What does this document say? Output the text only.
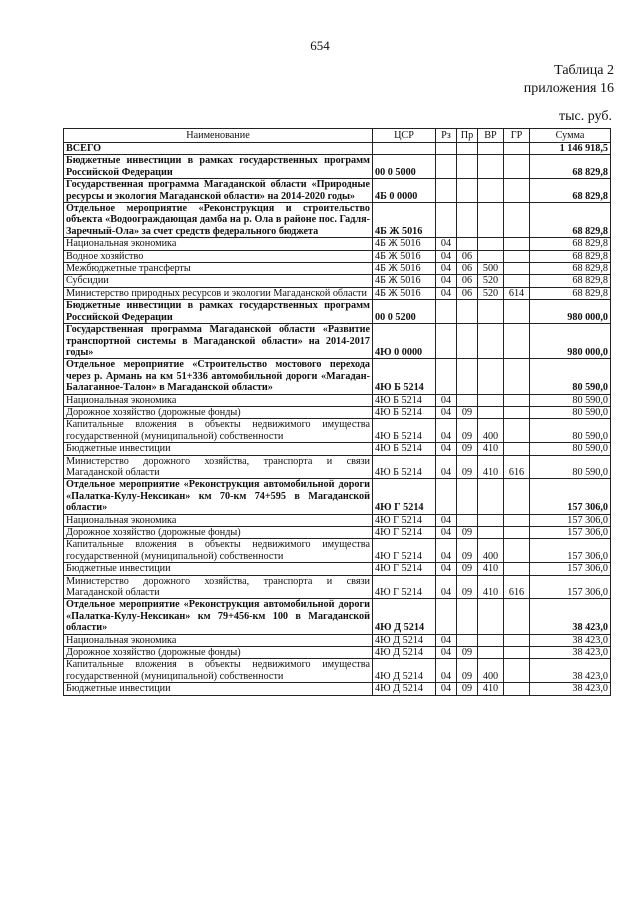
654
Таблица 2
приложения 16
тыс. руб.
Наименование	ЦСР	Рз	Пр	ВР	ГР	Сумма
ВСЕГО						1 146 918,5
Бюджетные инвестиции в рамках государственных программ Российской Федерации	00 0 5000					68 829,8
Государственная программа Магаданской области «Природные ресурсы и экология Магаданской области» на 2014-2020 годы»	4Б 0 0000					68 829,8
Отдельное мероприятие «Реконструкция и строительство объекта «Водоограждающая дамба на р. Ола в районе пос. Гадля-Заречный-Ола» за счет средств федерального бюджета	4Б Ж 5016					68 829,8
Национальная экономика	4Б Ж 5016	04				68 829,8
Водное хозяйство	4Б Ж 5016	04	06			68 829,8
Межбюджетные трансферты	4Б Ж 5016	04	06	500		68 829,8
Субсидии	4Б Ж 5016	04	06	520		68 829,8
Министерство природных ресурсов и экологии Магаданской области	4Б Ж 5016	04	06	520	614	68 829,8
Бюджетные инвестиции в рамках государственных программ Российской Федерации	00 0 5200					980 000,0
Государственная программа Магаданской области «Развитие транспортной системы в Магаданской области» на 2014-2017 годы»	4Ю 0 0000					980 000,0
Отдельное мероприятие «Строительство мостового перехода через р. Армань на км 51+336 автомобильной дороги «Магадан-Балаганное-Талон» в Магаданской области»	4Ю Б 5214					80 590,0
Национальная экономика	4Ю Б 5214	04				80 590,0
Дорожное хозяйство (дорожные фонды)	4Ю Б 5214	04	09			80 590,0
Капитальные вложения в объекты недвижимого имущества государственной (муниципальной) собственности	4Ю Б 5214	04	09	400		80 590,0
Бюджетные инвестиции	4Ю Б 5214	04	09	410		80 590,0
Министерство дорожного хозяйства, транспорта и связи Магаданской области	4Ю Б 5214	04	09	410	616	80 590,0
Отдельное мероприятие «Реконструкция автомобильной дороги «Палатка-Кулу-Нексикан» км 70-км 74+595 в Магаданской области»	4Ю Г 5214					157 306,0
Национальная экономика	4Ю Г 5214	04				157 306,0
Дорожное хозяйство (дорожные фонды)	4Ю Г 5214	04	09			157 306,0
Капитальные вложения в объекты недвижимого имущества государственной (муниципальной) собственности	4Ю Г 5214	04	09	400		157 306,0
Бюджетные инвестиции	4Ю Г 5214	04	09	410		157 306,0
Министерство дорожного хозяйства, транспорта и связи Магаданской области	4Ю Г 5214	04	09	410	616	157 306,0
Отдельное мероприятие «Реконструкция автомобильной дороги «Палатка-Кулу-Нексикан» км 79+456-км 100 в Магаданской области»	4Ю Д 5214					38 423,0
Национальная экономика	4Ю Д 5214	04				38 423,0
Дорожное хозяйство (дорожные фонды)	4Ю Д 5214	04	09			38 423,0
Капитальные вложения в объекты недвижимого имущества государственной (муниципальной) собственности	4Ю Д 5214	04	09	400		38 423,0
Бюджетные инвестиции	4Ю Д 5214	04	09	410		38 423,0
